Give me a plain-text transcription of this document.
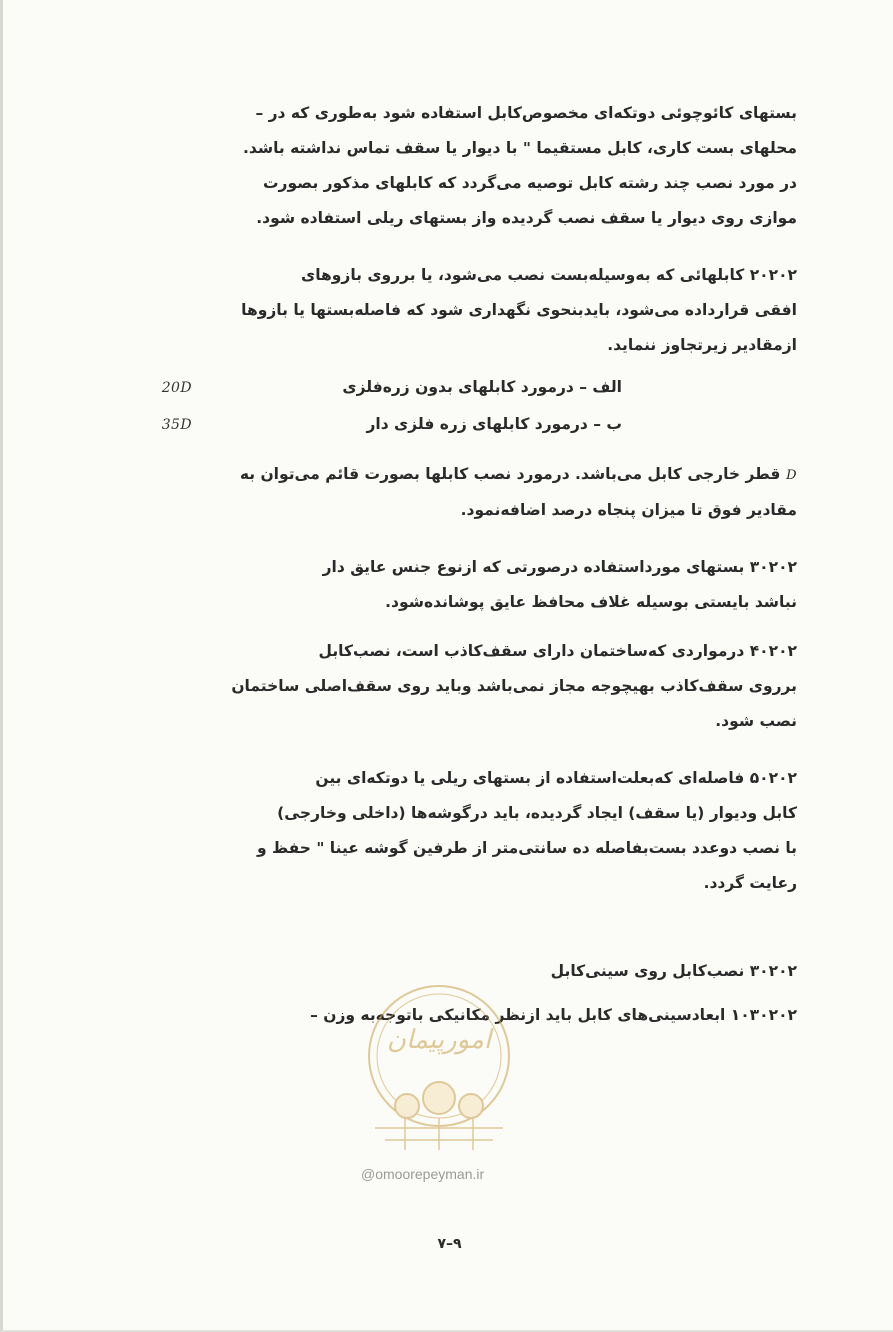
بستهای کائوچوئی دوتکه‌ای مخصوص‌کابل استفاده شود به‌طوری که در –

محلهای بست کاری، کابل مستقیما " با دیوار یا سقف تماس نداشته باشد.

در مورد نصب چند رشته کابل توصیه می‌گردد که کابلهای مذکور بصورت

موازی روی دیوار یا سقف نصب گردیده واز بستهای ریلی استفاده شود.

۲۰۲۰۲ کابلهائی که به‌وسیله‌بست نصب می‌شود، یا برروی بازوهای

افقی قرارداده می‌شود، بایدبنحوی نگهداری شود که فاصله‌بستها یا بازوها

ازمقادیر زیرتجاوز ننماید.

الف – درمورد کابلهای بدون زره‌فلزی
20D
ب – درمورد کابلهای زره فلزی دار
35D

D قطر خارجی کابل می‌باشد. درمورد نصب کابلها بصورت قائم می‌توان به

مقادیر فوق تا میزان پنجاه درصد اضافه‌نمود.

۳۰۲۰۲ بستهای مورداستفاده درصورتی که ازنوع جنس عایق دار

نباشد بایستی بوسیله غلاف محافظ عایق پوشانده‌شود.

۴۰۲۰۲ درمواردی که‌ساختمان دارای سقف‌کاذب است، نصب‌کابل

برروی سقف‌کاذب بهیچوجه مجاز نمی‌باشد وباید روی سقف‌اصلی ساختمان

نصب شود.

۵۰۲۰۲ فاصله‌ای که‌بعلت‌استفاده از بستهای ریلی یا دوتکه‌ای بین

کابل ودیوار (یا سقف) ایجاد گردیده، باید درگوشه‌ها (داخلی وخارجی)

با نصب دوعدد بست‌بفاصله ده سانتی‌متر از طرفین گوشه عینا " حفظ و

رعایت گردد.

۳۰۲۰۲ نصب‌کابل روی سینی‌کابل

۱۰۳۰۲۰۲ ابعادسینی‌های کابل باید ازنظر مکانیکی باتوجه‌به وزن –

امورپیمان
@omoorepeyman.ir
۹–۷
